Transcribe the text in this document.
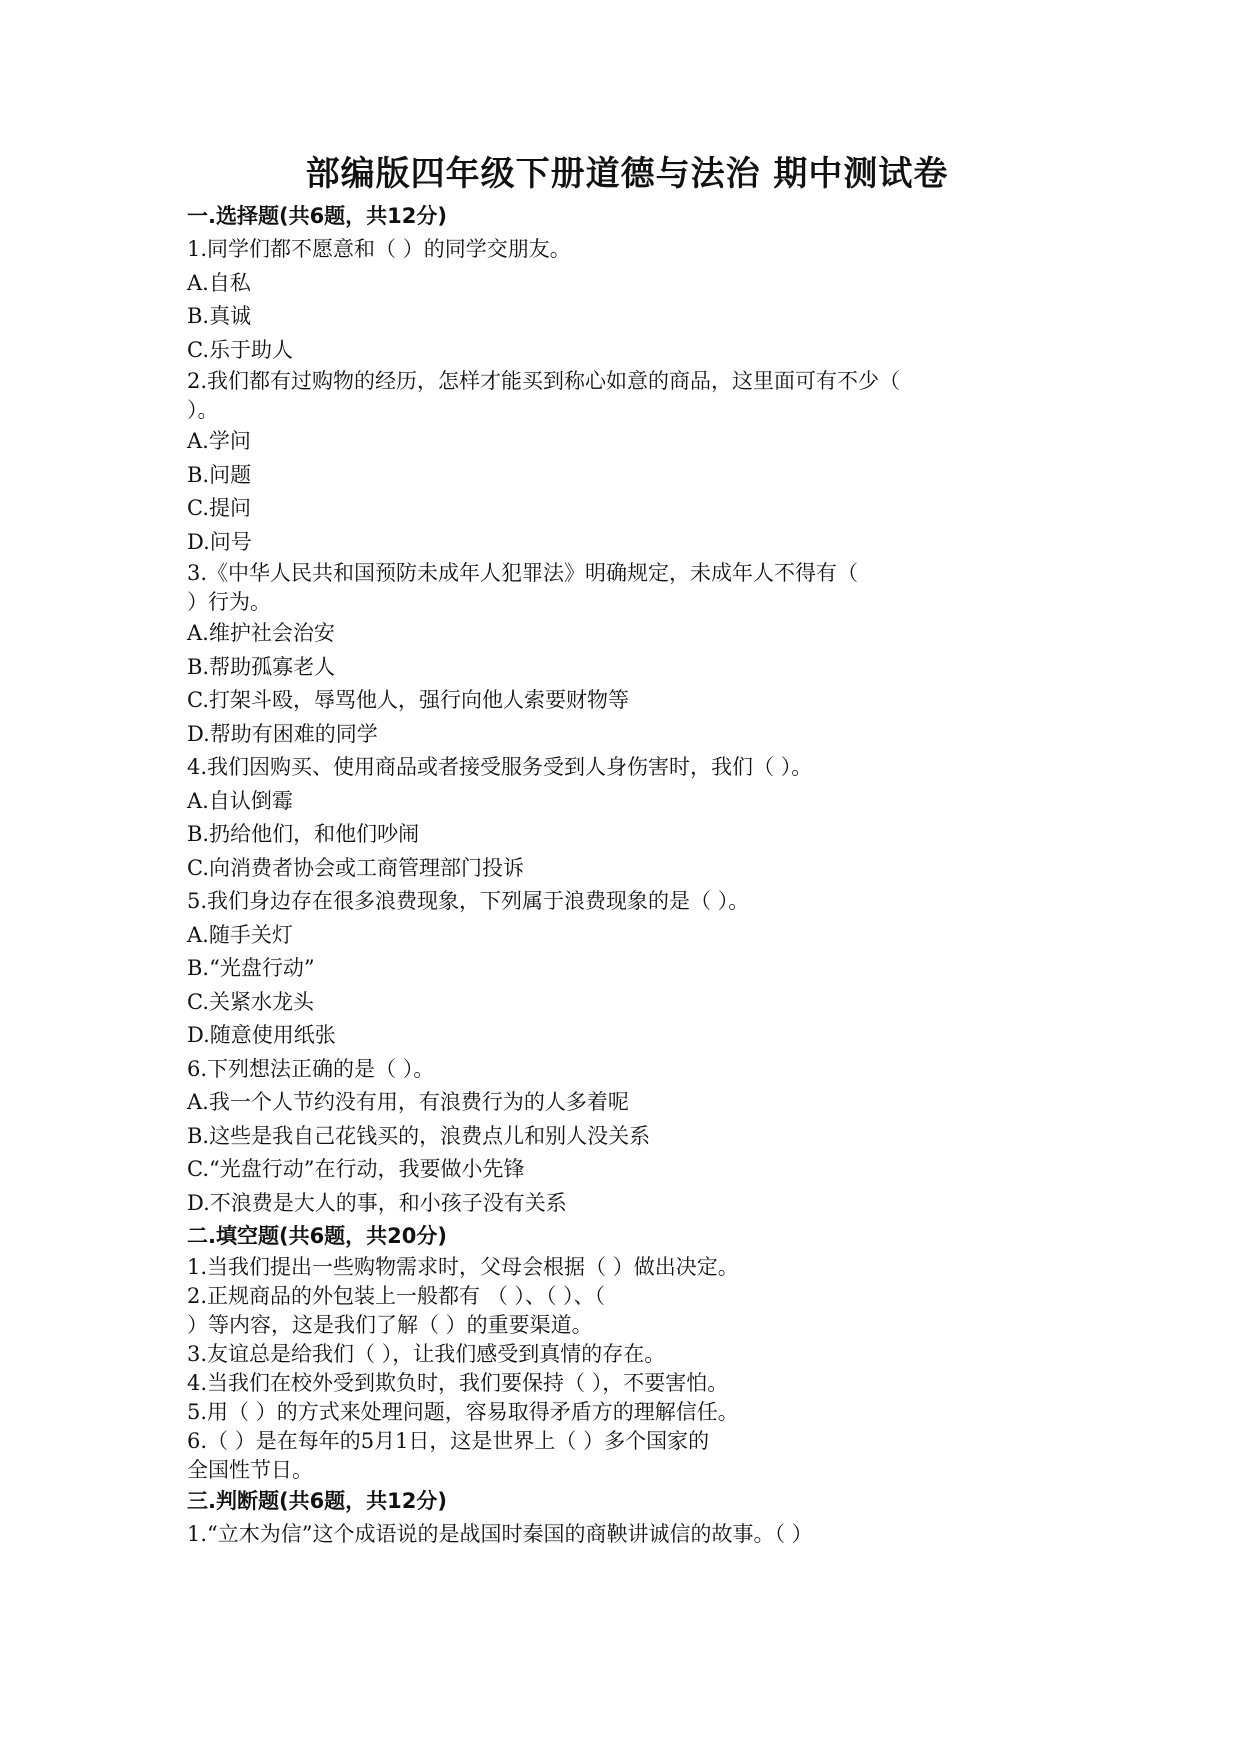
部编版四年级下册道德与法治 期中测试卷
一.选择题(共6题，共12分)
1.同学们都不愿意和（ ）的同学交朋友。
A.自私
B.真诚
C.乐于助人
2.我们都有过购物的经历，怎样才能买到称心如意的商品，这里面可有不少（
）。
A.学问
B.问题
C.提问
D.问号
3.《中华人民共和国预防未成年人犯罪法》明确规定，未成年人不得有（
）行为。
A.维护社会治安
B.帮助孤寡老人
C.打架斗殴，辱骂他人，强行向他人索要财物等
D.帮助有困难的同学
4.我们因购买、使用商品或者接受服务受到人身伤害时，我们（ ）。
A.自认倒霉
B.扔给他们，和他们吵闹
C.向消费者协会或工商管理部门投诉
5.我们身边存在很多浪费现象，下列属于浪费现象的是（ ）。
A.随手关灯
B.“光盘行动”
C.关紧水龙头
D.随意使用纸张
6.下列想法正确的是（ ）。
A.我一个人节约没有用，有浪费行为的人多着呢
B.这些是我自己花钱买的，浪费点儿和别人没关系
C.“光盘行动”在行动，我要做小先锋
D.不浪费是大人的事，和小孩子没有关系
二.填空题(共6题，共20分)
1.当我们提出一些购物需求时，父母会根据（ ）做出决定。
2.正规商品的外包装上一般都有 （ ）、（ ）、（
）等内容，这是我们了解（ ）的重要渠道。
3.友谊总是给我们（ ），让我们感受到真情的存在。
4.当我们在校外受到欺负时，我们要保持（ ），不要害怕。
5.用（ ）的方式来处理问题，容易取得矛盾方的理解信任。
6.（ ）是在每年的5月1日，这是世界上（ ）多个国家的
全国性节日。
三.判断题(共6题，共12分)
1.“立木为信”这个成语说的是战国时秦国的商鞅讲诚信的故事。（ ）
